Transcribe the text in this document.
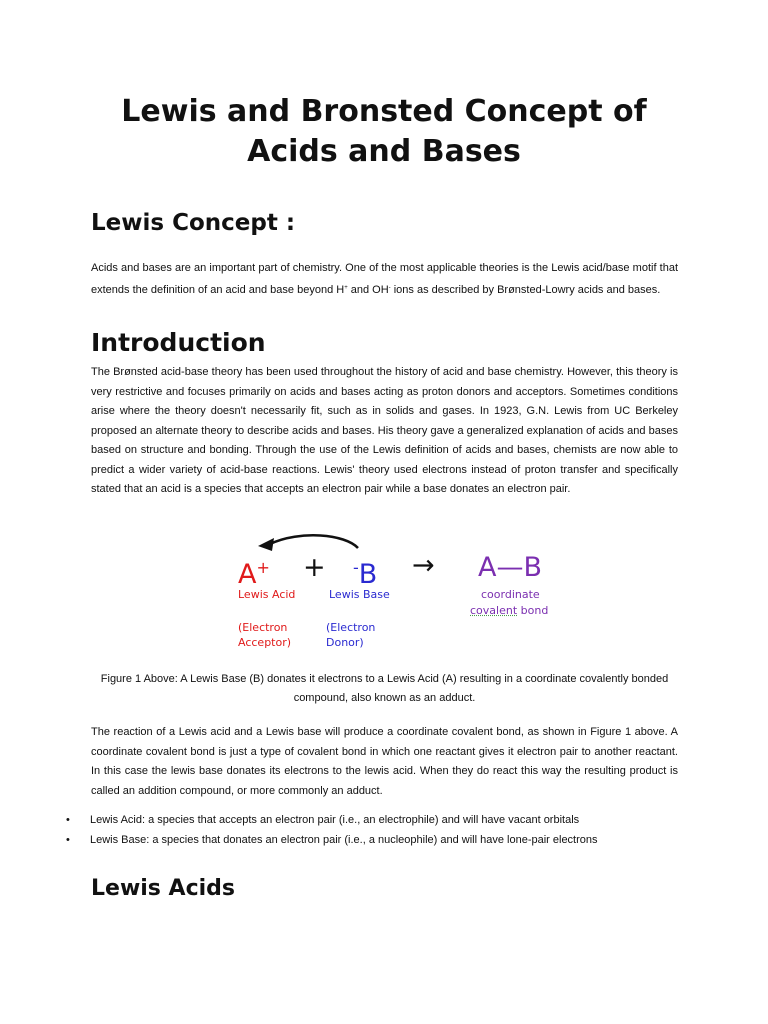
Lewis and Bronsted Concept of
Acids and Bases
Lewis Concept :

Acids and bases are an important part of chemistry. One of the most applicable theories is the Lewis acid/base motif that extends the definition of an acid and base beyond H+ and OH- ions as described by Brønsted-Lowry acids and bases.

Introduction

The Brønsted acid-base theory has been used throughout the history of acid and base chemistry. However, this theory is very restrictive and focuses primarily on acids and bases acting as proton donors and acceptors. Sometimes conditions arise where the theory doesn't necessarily fit, such as in solids and gases. In 1923, G.N. Lewis from UC Berkeley proposed an alternate theory to describe acids and bases. His theory gave a generalized explanation of acids and bases based on structure and bonding. Through the use of the Lewis definition of acids and bases, chemists are now able to predict a wider variety of acid-base reactions. Lewis' theory used electrons instead of proton transfer and specifically stated that an acid is a species that accepts an electron pair while a base donates an electron pair.

A+ + -B → A—B
Lewis Acid	Lewis Base	coordinate
covalent bond
(Electron
Acceptor)
(Electron
Donor)

Figure 1 Above: A Lewis Base (B) donates it electrons to a Lewis Acid (A) resulting in a coordinate covalently bonded compound, also known as an adduct.

The reaction of a Lewis acid and a Lewis base will produce a coordinate covalent bond, as shown in Figure 1 above. A coordinate covalent bond is just a type of covalent bond in which one reactant gives it electron pair to another reactant. In this case the lewis base donates its electrons to the lewis acid. When they do react this way the resulting product is called an addition compound, or more commonly an adduct.

• Lewis Acid: a species that accepts an electron pair (i.e., an electrophile) and will have vacant orbitals
• Lewis Base: a species that donates an electron pair (i.e., a nucleophile) and will have lone-pair electrons
Lewis Acids
